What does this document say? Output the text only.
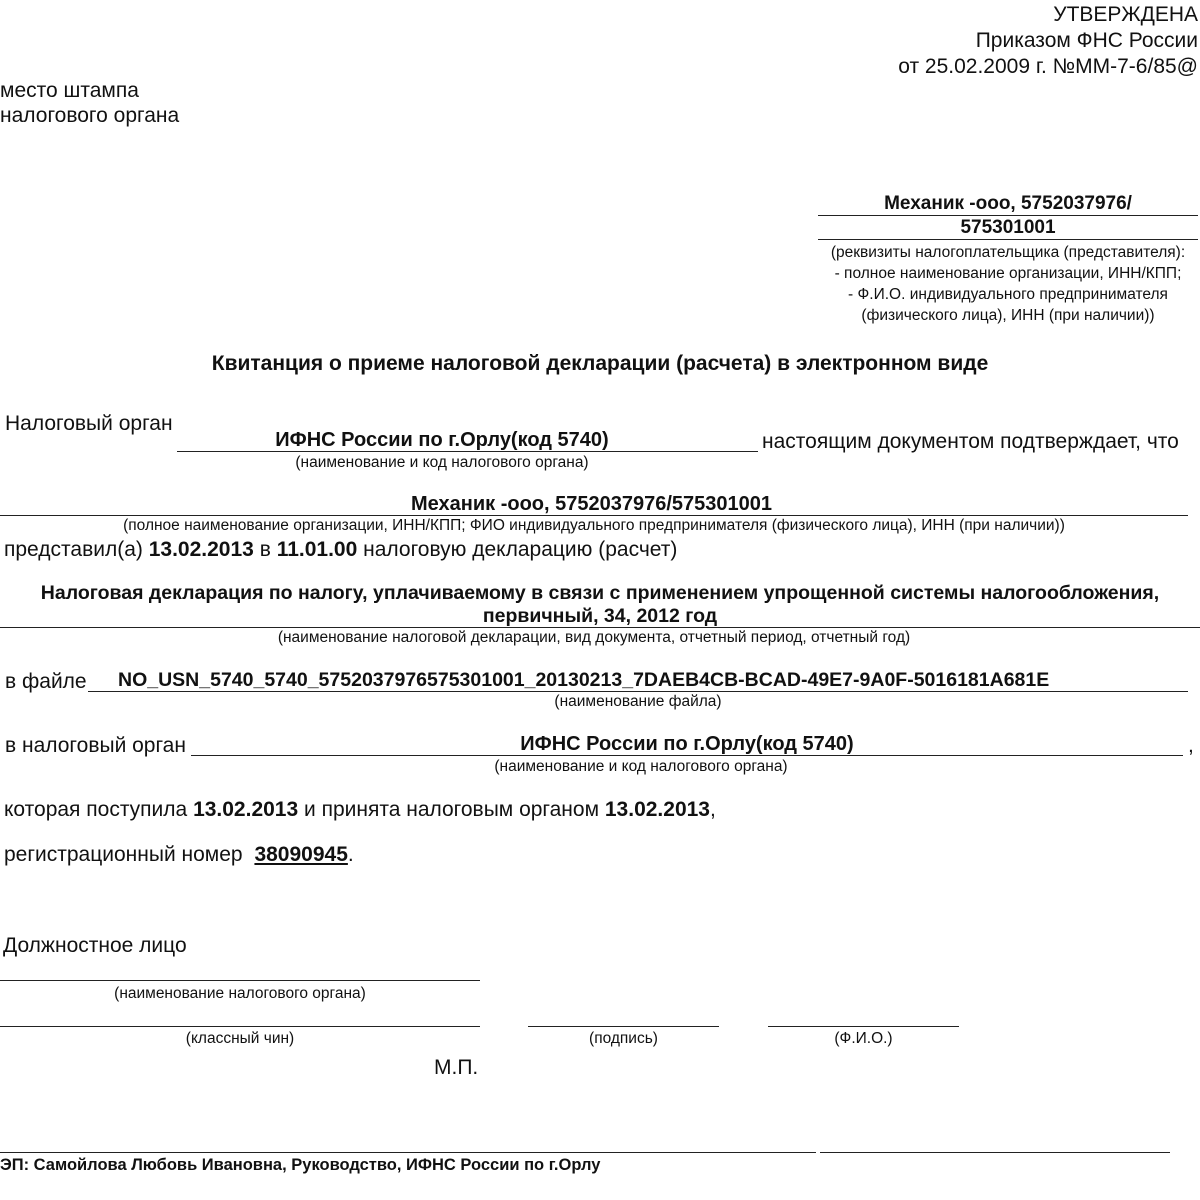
УТВЕРЖДЕНА
Приказом ФНС России
от 25.02.2009 г. №ММ-7-6/85@
место штампа
налогового органа
Механик -ооо, 5752037976/
575301001
(реквизиты налогоплательщика (представителя):
- полное наименование организации, ИНН/КПП;
- Ф.И.О. индивидуального предпринимателя
(физического лица), ИНН (при наличии))
Квитанция о приеме налоговой декларации (расчета) в электронном виде
Налоговый орган
ИФНС России по г.Орлу(код 5740)	настоящим документом подтверждает, что
(наименование и код налогового органа)
Механик -ооо, 5752037976/575301001
(полное наименование организации, ИНН/КПП; ФИО индивидуального предпринимателя (физического лица), ИНН (при наличии))
представил(а) 13.02.2013 в 11.01.00 налоговую декларацию (расчет)
Налоговая декларация по налогу, уплачиваемому в связи с применением упрощенной системы налогообложения,
первичный, 34, 2012 год
(наименование налоговой декларации, вид документа, отчетный период, отчетный год)
в файле NO_USN_5740_5740_5752037976575301001_20130213_7DAEB4CB-BCAD-49E7-9A0F-5016181A681E
(наименование файла)
в налоговый орган	ИФНС России по г.Орлу(код 5740)	,
(наименование и код налогового органа)
которая поступила 13.02.2013 и принята налоговым органом 13.02.2013,
регистрационный номер 38090945.
Должностное лицо
(наименование налогового органа)
(классный чин)	(подпись)	(Ф.И.О.)
М.П.
ЭП: Самойлова Любовь Ивановна, Руководство, ИФНС России по г.Орлу
